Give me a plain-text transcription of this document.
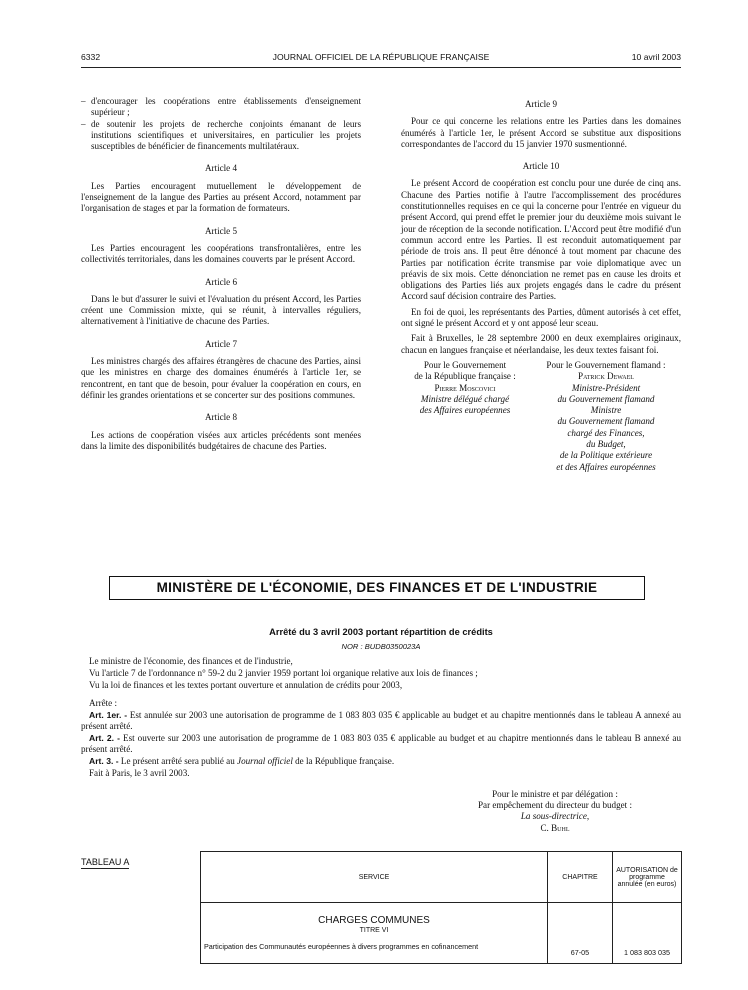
6332	JOURNAL OFFICIEL DE LA RÉPUBLIQUE FRANÇAISE	10 avril 2003

– d'encourager les coopérations entre établissements d'enseignement supérieur ;

– de soutenir les projets de recherche conjoints émanant de leurs institutions scientifiques et universitaires, en particulier les projets susceptibles de bénéficier de financements multilatéraux.

Article 4

Les Parties encouragent mutuellement le développement de l'enseignement de la langue des Parties au présent Accord, notamment par l'organisation de stages et par la formation de formateurs.

Article 5

Les Parties encouragent les coopérations transfrontalières, entre les collectivités territoriales, dans les domaines couverts par le présent Accord.

Article 6

Dans le but d'assurer le suivi et l'évaluation du présent Accord, les Parties créent une Commission mixte, qui se réunit, à intervalles réguliers, alternativement à l'initiative de chacune des Parties.

Article 7

Les ministres chargés des affaires étrangères de chacune des Parties, ainsi que les ministres en charge des domaines énumérés à l'article 1er, se rencontrent, en tant que de besoin, pour évaluer la coopération en cours, en définir les grandes orientations et se concerter sur des positions communes.

Article 8

Les actions de coopération visées aux articles précédents sont menées dans la limite des disponibilités budgétaires de chacune des Parties.

Article 9

Pour ce qui concerne les relations entre les Parties dans les domaines énumérés à l'article 1er, le présent Accord se substitue aux dispositions correspondantes de l'accord du 15 janvier 1970 susmentionné.

Article 10

Le présent Accord de coopération est conclu pour une durée de cinq ans. Chacune des Parties notifie à l'autre l'accomplissement des procédures constitutionnelles requises en ce qui la concerne pour l'entrée en vigueur du présent Accord, qui prend effet le premier jour du deuxième mois suivant le jour de réception de la seconde notification. L'Accord peut être modifié d'un commun accord entre les Parties. Il est reconduit automatiquement par période de trois ans. Il peut être dénoncé à tout moment par chacune des Parties par notification écrite transmise par voie diplomatique avec un préavis de six mois. Cette dénonciation ne remet pas en cause les droits et obligations des Parties liés aux projets engagés dans le cadre du présent Accord sauf décision contraire des Parties.

En foi de quoi, les représentants des Parties, dûment autorisés à cet effet, ont signé le présent Accord et y ont apposé leur sceau.

Fait à Bruxelles, le 28 septembre 2000 en deux exemplaires originaux, chacun en langues française et néerlandaise, les deux textes faisant foi.

Pour le Gouvernement
de la République française :
Pierre Moscovici
Ministre délégué chargé
des Affaires européennes
Pour le Gouvernement flamand :
Patrick Dewael
Ministre-Président
du Gouvernement flamand
Ministre
du Gouvernement flamand
chargé des Finances,
du Budget,
de la Politique extérieure
et des Affaires européennes
MINISTÈRE DE L'ÉCONOMIE, DES FINANCES ET DE L'INDUSTRIE
Arrêté du 3 avril 2003 portant répartition de crédits
NOR : BUDB0350023A

Le ministre de l'économie, des finances et de l'industrie,

Vu l'article 7 de l'ordonnance n° 59-2 du 2 janvier 1959 portant loi organique relative aux lois de finances ;

Vu la loi de finances et les textes portant ouverture et annulation de crédits pour 2003,

Arrête :

Art. 1er. - Est annulée sur 2003 une autorisation de programme de 1 083 803 035 € applicable au budget et au chapitre mentionnés dans le tableau A annexé au présent arrêté.

Art. 2. - Est ouverte sur 2003 une autorisation de programme de 1 083 803 035 € applicable au budget et au chapitre mentionnés dans le tableau B annexé au présent arrêté.

Art. 3. - Le présent arrêté sera publié au Journal officiel de la République française.

Fait à Paris, le 3 avril 2003.

Pour le ministre et par délégation :
Par empêchement du directeur du budget :
La sous-directrice,
C. Buhl
TABLEAU A
SERVICE	CHAPITRE	AUTORISATION de programme annulée (en euros)

CHARGES COMMUNES
TITRE VI
Participation des Communautés européennes à divers programmes en cofinancement	67-05	1 083 803 035
